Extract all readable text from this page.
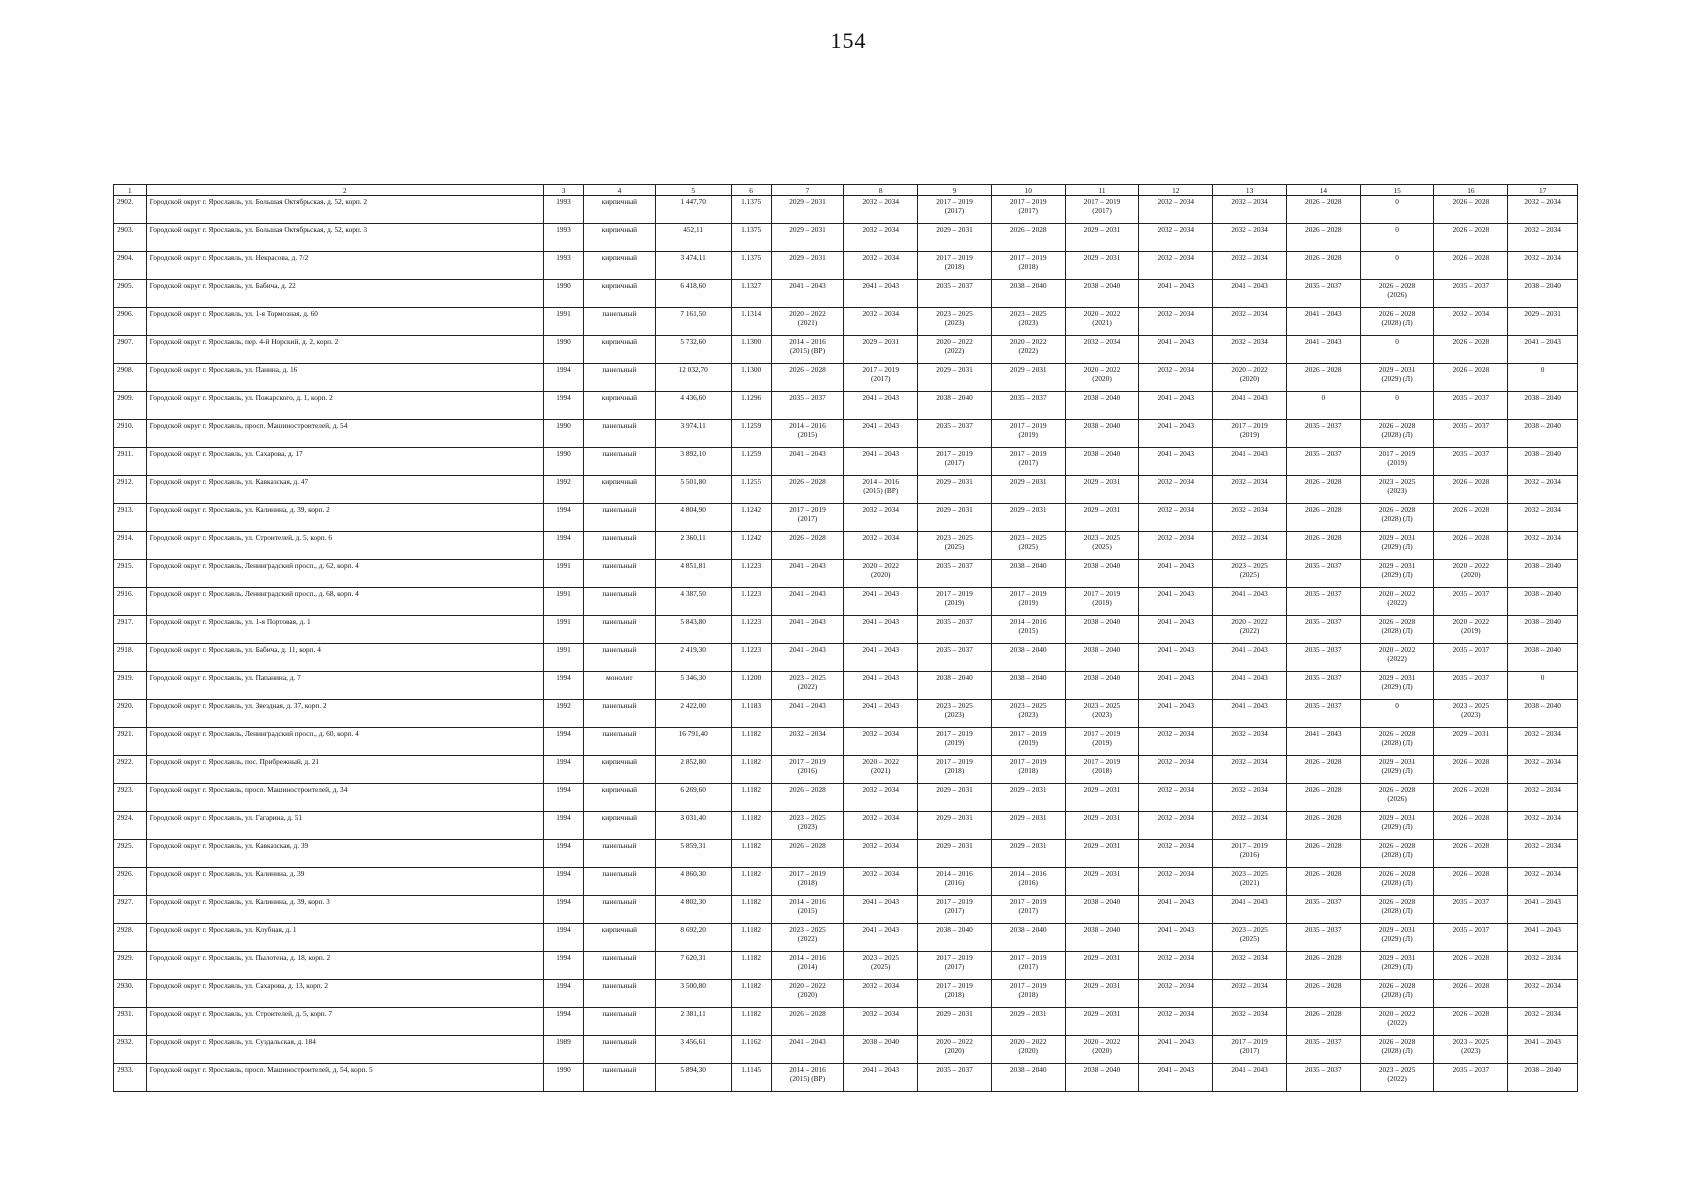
154
1	2	3	4	5	6	7	8	9	10	11	12	13	14	15	16	17

2902.	Городской округ г. Ярославль, ул. Большая Октябрьская, д. 52, корп. 2	1993	кирпичный	1 447,70	1.1375	2029 – 2031	2032 – 2034	2017 – 2019
(2017)	2017 – 2019
(2017)	2017 – 2019
(2017)	2032 – 2034	2032 – 2034	2026 – 2028	0	2026 – 2028	2032 – 2034

2903.	Городской округ г. Ярославль, ул. Большая Октябрьская, д. 52, корп. 3	1993	кирпичный	452,11	1.1375	2029 – 2031	2032 – 2034	2029 – 2031	2026 – 2028	2029 – 2031	2032 – 2034	2032 – 2034	2026 – 2028	0	2026 – 2028	2032 – 2034

2904.	Городской округ г. Ярославль, ул. Некрасова, д. 7/2	1993	кирпичный	3 474,11	1.1375	2029 – 2031	2032 – 2034	2017 – 2019
(2018)	2017 – 2019
(2018)	2029 – 2031	2032 – 2034	2032 – 2034	2026 – 2028	0	2026 – 2028	2032 – 2034

2905.	Городской округ г. Ярославль, ул. Бабича, д. 22	1990	кирпичный	6 418,60	1.1327	2041 – 2043	2041 – 2043	2035 – 2037	2038 – 2040	2038 – 2040	2041 – 2043	2041 – 2043	2035 – 2037	2026 – 2028
(2026)	2035 – 2037	2038 – 2040

2906.	Городской округ г. Ярославль, ул. 1-я Тормозная, д. 60	1991	панельный	7 161,50	1.1314	2020 – 2022
(2021)	2032 – 2034	2023 – 2025
(2023)	2023 – 2025
(2023)	2020 – 2022
(2021)	2032 – 2034	2032 – 2034	2041 – 2043	2026 – 2028
(2028) (Л)	2032 – 2034	2029 – 2031

2907.	Городской округ г. Ярославль, пер. 4-й Норский, д. 2, корп. 2	1990	кирпичный	5 732,60	1.1300	2014 – 2016
(2015) (ВР)	2029 – 2031	2020 – 2022
(2022)	2020 – 2022
(2022)	2032 – 2034	2041 – 2043	2032 – 2034	2041 – 2043	0	2026 – 2028	2041 – 2043

2908.	Городской округ г. Ярославль, ул. Панина, д. 16	1994	панельный	12 032,70	1.1300	2026 – 2028	2017 – 2019
(2017)	2029 – 2031	2029 – 2031	2020 – 2022
(2020)	2032 – 2034	2020 – 2022
(2020)	2026 – 2028	2029 – 2031
(2029) (Л)	2026 – 2028	0

2909.	Городской округ г. Ярославль, ул. Пожарского, д. 1, корп. 2	1994	кирпичный	4 436,60	1.1296	2035 – 2037	2041 – 2043	2038 – 2040	2035 – 2037	2038 – 2040	2041 – 2043	2041 – 2043	0	0	2035 – 2037	2038 – 2040

2910.	Городской округ г. Ярославль, просп. Машиностроителей, д. 54	1990	панельный	3 974,11	1.1259	2014 – 2016
(2015)	2041 – 2043	2035 – 2037	2017 – 2019
(2019)	2038 – 2040	2041 – 2043	2017 – 2019
(2019)	2035 – 2037	2026 – 2028
(2028) (Л)	2035 – 2037	2038 – 2040

2911.	Городской округ г. Ярославль, ул. Сахарова, д. 17	1990	панельный	3 892,10	1.1259	2041 – 2043	2041 – 2043	2017 – 2019
(2017)	2017 – 2019
(2017)	2038 – 2040	2041 – 2043	2041 – 2043	2035 – 2037	2017 – 2019
(2019)	2035 – 2037	2038 – 2040

2912.	Городской округ г. Ярославль, ул. Кавказская, д. 47	1992	кирпичный	5 501,80	1.1255	2026 – 2028	2014 – 2016
(2015) (ВР)	2029 – 2031	2029 – 2031	2029 – 2031	2032 – 2034	2032 – 2034	2026 – 2028	2023 – 2025
(2023)	2026 – 2028	2032 – 2034

2913.	Городской округ г. Ярославль, ул. Калинина, д. 39, корп. 2	1994	панельный	4 804,90	1.1242	2017 – 2019
(2017)	2032 – 2034	2029 – 2031	2029 – 2031	2029 – 2031	2032 – 2034	2032 – 2034	2026 – 2028	2026 – 2028
(2028) (Л)	2026 – 2028	2032 – 2034

2914.	Городской округ г. Ярославль, ул. Строителей, д. 5, корп. 6	1994	панельный	2 360,11	1.1242	2026 – 2028	2032 – 2034	2023 – 2025
(2025)	2023 – 2025
(2025)	2023 – 2025
(2025)	2032 – 2034	2032 – 2034	2026 – 2028	2029 – 2031
(2029) (Л)	2026 – 2028	2032 – 2034

2915.	Городской округ г. Ярославль, Ленинградский просп., д. 62, корп. 4	1991	панельный	4 851,81	1.1223	2041 – 2043	2020 – 2022
(2020)	2035 – 2037	2038 – 2040	2038 – 2040	2041 – 2043	2023 – 2025
(2025)	2035 – 2037	2029 – 2031
(2029) (Л)	2020 – 2022
(2020)	2038 – 2040

2916.	Городской округ г. Ярославль, Ленинградский просп., д. 68, корп. 4	1991	панельный	4 387,50	1.1223	2041 – 2043	2041 – 2043	2017 – 2019
(2019)	2017 – 2019
(2019)	2017 – 2019
(2019)	2041 – 2043	2041 – 2043	2035 – 2037	2020 – 2022
(2022)	2035 – 2037	2038 – 2040

2917.	Городской округ г. Ярославль, ул. 1-я Портовая, д. 1	1991	панельный	5 843,80	1.1223	2041 – 2043	2041 – 2043	2035 – 2037	2014 – 2016
(2015)	2038 – 2040	2041 – 2043	2020 – 2022
(2022)	2035 – 2037	2026 – 2028
(2028) (Л)	2020 – 2022
(2019)	2038 – 2040

2918.	Городской округ г. Ярославль, ул. Бабича, д. 11, корп. 4	1991	панельный	2 419,30	1.1223	2041 – 2043	2041 – 2043	2035 – 2037	2038 – 2040	2038 – 2040	2041 – 2043	2041 – 2043	2035 – 2037	2020 – 2022
(2022)	2035 – 2037	2038 – 2040

2919.	Городской округ г. Ярославль, ул. Папанина, д. 7	1994	монолит	5 346,30	1.1200	2023 – 2025
(2022)	2041 – 2043	2038 – 2040	2038 – 2040	2038 – 2040	2041 – 2043	2041 – 2043	2035 – 2037	2029 – 2031
(2029) (Л)	2035 – 2037	0

2920.	Городской округ г. Ярославль, ул. Звездная, д. 37, корп. 2	1992	панельный	2 422,00	1.1183	2041 – 2043	2041 – 2043	2023 – 2025
(2023)	2023 – 2025
(2023)	2023 – 2025
(2023)	2041 – 2043	2041 – 2043	2035 – 2037	0	2023 – 2025
(2023)	2038 – 2040

2921.	Городской округ г. Ярославль, Ленинградский просп., д. 60, корп. 4	1994	панельный	16 791,40	1.1182	2032 – 2034	2032 – 2034	2017 – 2019
(2019)	2017 – 2019
(2019)	2017 – 2019
(2019)	2032 – 2034	2032 – 2034	2041 – 2043	2026 – 2028
(2028) (Л)	2029 – 2031	2032 – 2034

2922.	Городской округ г. Ярославль, пос. Прибрежный, д. 21	1994	кирпичный	2 852,80	1.1182	2017 – 2019
(2016)	2020 – 2022
(2021)	2017 – 2019
(2018)	2017 – 2019
(2018)	2017 – 2019
(2018)	2032 – 2034	2032 – 2034	2026 – 2028	2029 – 2031
(2029) (Л)	2026 – 2028	2032 – 2034

2923.	Городской округ г. Ярославль, просп. Машиностроителей, д. 34	1994	кирпичный	6 269,60	1.1182	2026 – 2028	2032 – 2034	2029 – 2031	2029 – 2031	2029 – 2031	2032 – 2034	2032 – 2034	2026 – 2028	2026 – 2028
(2026)	2026 – 2028	2032 – 2034

2924.	Городской округ г. Ярославль, ул. Гагарина, д. 51	1994	кирпичный	3 031,40	1.1182	2023 – 2025
(2023)	2032 – 2034	2029 – 2031	2029 – 2031	2029 – 2031	2032 – 2034	2032 – 2034	2026 – 2028	2029 – 2031
(2029) (Л)	2026 – 2028	2032 – 2034

2925.	Городской округ г. Ярославль, ул. Кавказская, д. 39	1994	панельный	5 859,31	1.1182	2026 – 2028	2032 – 2034	2029 – 2031	2029 – 2031	2029 – 2031	2032 – 2034	2017 – 2019
(2016)	2026 – 2028	2026 – 2028
(2028) (Л)	2026 – 2028	2032 – 2034

2926.	Городской округ г. Ярославль, ул. Калинина, д. 39	1994	панельный	4 860,30	1.1182	2017 – 2019
(2018)	2032 – 2034	2014 – 2016
(2016)	2014 – 2016
(2016)	2029 – 2031	2032 – 2034	2023 – 2025
(2021)	2026 – 2028	2026 – 2028
(2028) (Л)	2026 – 2028	2032 – 2034

2927.	Городской округ г. Ярославль, ул. Калинина, д. 39, корп. 3	1994	панельный	4 802,30	1.1182	2014 – 2016
(2015)	2041 – 2043	2017 – 2019
(2017)	2017 – 2019
(2017)	2038 – 2040	2041 – 2043	2041 – 2043	2035 – 2037	2026 – 2028
(2028) (Л)	2035 – 2037	2041 – 2043

2928.	Городской округ г. Ярославль, ул. Клубная, д. 1	1994	кирпичный	8 692,20	1.1182	2023 – 2025
(2022)	2041 – 2043	2038 – 2040	2038 – 2040	2038 – 2040	2041 – 2043	2023 – 2025
(2025)	2035 – 2037	2029 – 2031
(2029) (Л)	2035 – 2037	2041 – 2043

2929.	Городской округ г. Ярославль, ул. Пылотена, д. 18, корп. 2	1994	панельный	7 620,31	1.1182	2014 – 2016
(2014)	2023 – 2025
(2025)	2017 – 2019
(2017)	2017 – 2019
(2017)	2029 – 2031	2032 – 2034	2032 – 2034	2026 – 2028	2029 – 2031
(2029) (Л)	2026 – 2028	2032 – 2034

2930.	Городской округ г. Ярославль, ул. Сахарова, д. 13, корп. 2	1994	панельный	3 500,80	1.1182	2020 – 2022
(2020)	2032 – 2034	2017 – 2019
(2018)	2017 – 2019
(2018)	2029 – 2031	2032 – 2034	2032 – 2034	2026 – 2028	2026 – 2028
(2028) (Л)	2026 – 2028	2032 – 2034

2931.	Городской округ г. Ярославль, ул. Строителей, д. 5, корп. 7	1994	панельный	2 381,11	1.1182	2026 – 2028	2032 – 2034	2029 – 2031	2029 – 2031	2029 – 2031	2032 – 2034	2032 – 2034	2026 – 2028	2020 – 2022
(2022)	2026 – 2028	2032 – 2034

2932.	Городской округ г. Ярославль, ул. Суздальская, д. 184	1989	панельный	3 456,61	1.1162	2041 – 2043	2038 – 2040	2020 – 2022
(2020)	2020 – 2022
(2020)	2020 – 2022
(2020)	2041 – 2043	2017 – 2019
(2017)	2035 – 2037	2026 – 2028
(2028) (Л)	2023 – 2025
(2023)	2041 – 2043

2933.	Городской округ г. Ярославль, просп. Машиностроителей, д. 54, корп. 5	1990	панельный	5 894,30	1.1145	2014 – 2016
(2015) (ВР)	2041 – 2043	2035 – 2037	2038 – 2040	2038 – 2040	2041 – 2043	2041 – 2043	2035 – 2037	2023 – 2025
(2022)	2035 – 2037	2038 – 2040
